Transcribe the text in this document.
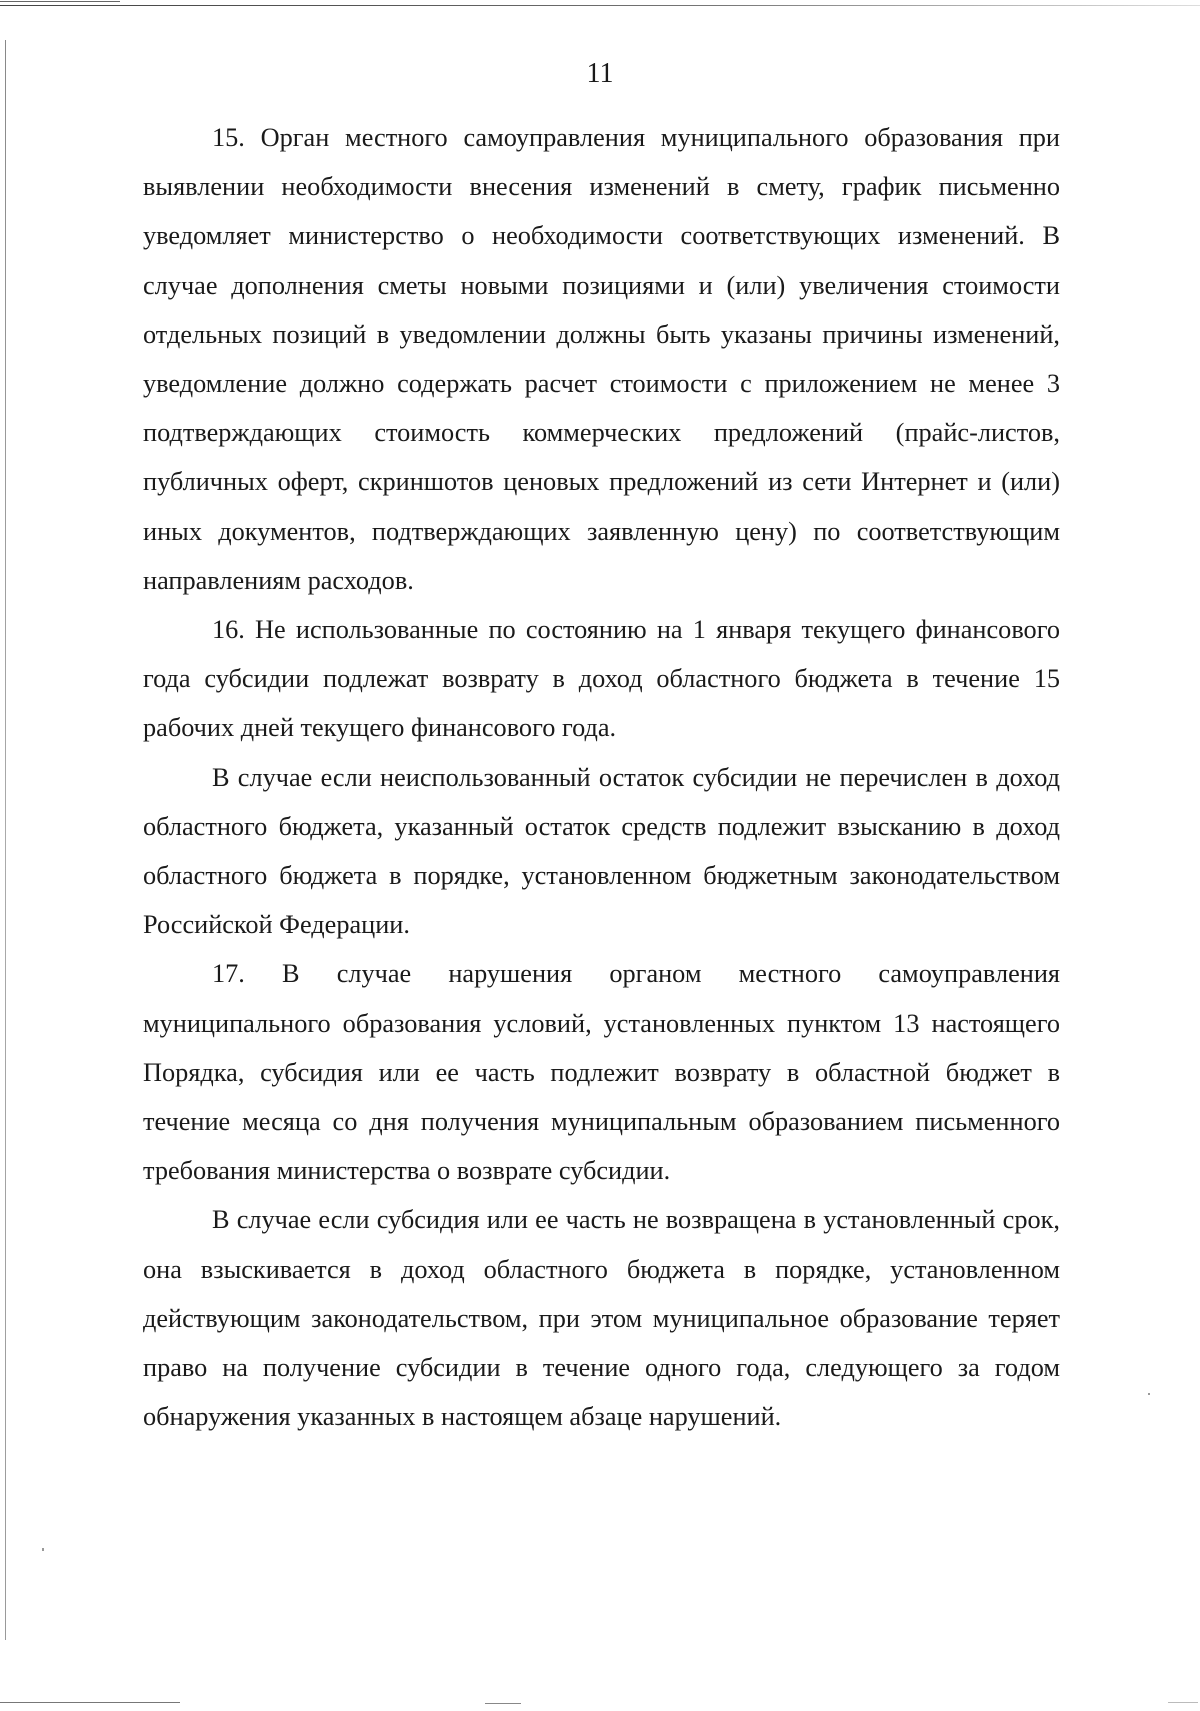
11

15. Орган местного самоуправления муниципального образования при выявлении необходимости внесения изменений в смету, график письменно уведомляет министерство о необходимости соответствующих изменений. В случае дополнения сметы новыми позициями и (или) увеличения стоимости отдельных позиций в уведомлении должны быть указаны причины изменений, уведомление должно содержать расчет стоимости с приложением не менее 3 подтверждающих стоимость коммерческих предложений (прайс-листов, публичных оферт, скриншотов ценовых предложений из сети Интернет и (или) иных документов, подтверждающих заявленную цену) по соответствующим направлениям расходов.

16. Не использованные по состоянию на 1 января текущего финансового года субсидии подлежат возврату в доход областного бюджета в течение 15 рабочих дней текущего финансового года.

В случае если неиспользованный остаток субсидии не перечислен в доход областного бюджета, указанный остаток средств подлежит взысканию в доход областного бюджета в порядке, установленном бюджетным законодательством Российской Федерации.

17. В случае нарушения органом местного самоуправления муниципального образования условий, установленных пунктом 13 настоящего Порядка, субсидия или ее часть подлежит возврату в областной бюджет в течение месяца со дня получения муниципальным образованием письменного требования министерства о возврате субсидии.

В случае если субсидия или ее часть не возвращена в установленный срок, она взыскивается в доход областного бюджета в порядке, установленном действующим законодательством, при этом муниципальное образование теряет право на получение субсидии в течение одного года, следующего за годом обнаружения указанных в настоящем абзаце нарушений.
